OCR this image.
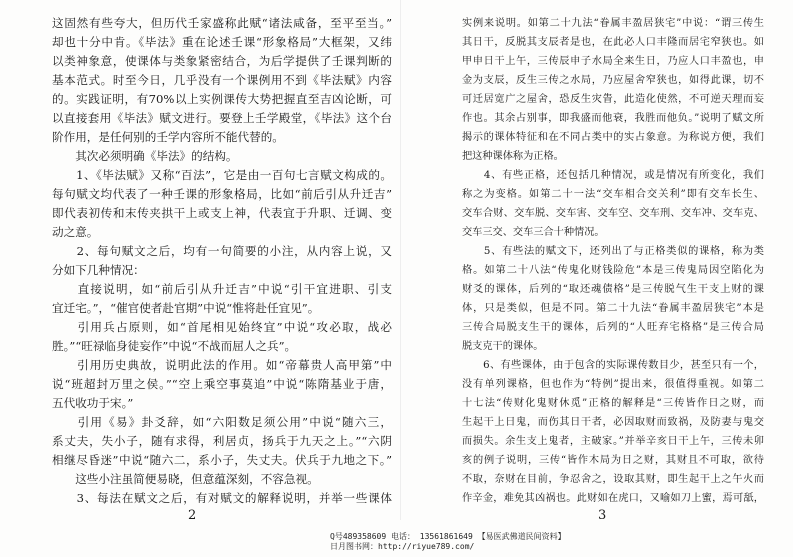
这固然有些夸大，但历代壬家盛称此赋“诸法咸备，至平至当。”
却也十分中肯。《毕法》重在论述壬课“形象格局”大框架，又纬
以类神象意，使课体与类象紧密结合，为后学提供了壬课判断的
基本范式。时至今日，几乎没有一个课例用不到《毕法赋》内容
的。实践证明，有70%以上实例课传大势把握直至吉凶论断，可
以直接套用《毕法》赋文进行。要登上壬学殿堂，《毕法》这个台
阶作用，是任何别的壬学内容所不能代替的。
　　其次必须明确《毕法》的结构。
　　1、《毕法赋》又称“百法”，它是由一百句七言赋文构成的。
每句赋文均代表了一种壬课的形象格局，比如“前后引从升迁吉”
即代表初传和末传夹拱干上或支上神，代表宜于升职、迁调、变
动之意。
　　2、每句赋文之后，均有一句简要的小注，从内容上说，又
分如下几种情况：
　　直接说明，如“前后引从升迁吉”中说“引干宜进职、引支
宜迁宅。”，“催官使者赴官期”中说“惟将赴任宜见”。
　　引用兵占原则，如“首尾相见始终宜”中说“攻必取，战必
胜。”“旺禄临身徒妄作”中说“不战而屈人之兵”。
　　引用历史典故，说明此法的作用。如“帝幕贵人高甲第”中
说“班超封万里之侯。”“空上乘空事莫追”中说“陈隋基业于唐，
五代收功于宋。”
　　引用《易》卦爻辞，如“六阳数足须公用”中说“随六三，
系丈夫，失小子，随有求得，利居贞，扬兵于九天之上。”“六阴
相继尽昏迷”中说“随六二，系小子，失丈夫。伏兵于九地之下。”
　　这些小注虽简便易晓，但意蕴深刻，不容急视。
　　3、每法在赋文之后，有对赋文的解释说明，并举一些课体
2
实例来说明。如第二十九法“眷属丰盈居狭宅”中说：“谓三传生
其日干，反脱其支辰者是也，在此必人口丰隆而居宅窄狭也。如
甲申日干上午，三传辰申子水局全来生日，乃应人口丰盈也，申
金为支辰，反生三传之水局，乃应屋舍窄狭也，如得此课，切不
可迁居宽广之屋舍，恐反生灾眚，此造化使然，不可逆天理而妄
作也。其余占别事，即我盛而他衰，我胜而他负。”说明了赋文所
揭示的课体特征和在不同占类中的实占象意。为称说方便，我们
把这种课体称为正格。
　　4、有些正格，还包括几种情况，或是情况有所变化，我们
称之为变格。如第二十一法“交车相合交关利”即有交车长生、
交车合财、交车脱、交车害、交车空、交车刑、交车冲、交车克、
交车三交、交车三合十种情况。
　　5、有些法的赋文下，还列出了与正格类似的课格，称为类
格。如第二十八法“传鬼化财钱险危”本是三传鬼局因空陷化为
财爻的课体，后列的“取还魂债格”是三传脱气生干支上财的课
体，只是类似，但是不同。第二十九法“眷属丰盈居狭宅”本是
三传合局脱支生干的课体，后列的“人旺弃宅格格”是三传合局
脱支克干的课体。
　　6、有些课体，由于包含的实际课传数目少，甚至只有一个，
没有单列课格，但也作为“特例”提出来，很值得重视。如第二
十七法“传财化鬼财休觅”正格的解释是“三传皆作日之财，而
生起干上日鬼，而伤其日干者，必因取财而致祸，及防妻与鬼交
而损失。余生支上鬼者，主破家。”并举辛亥日干上午，三传未卯
亥的例子说明，三传“皆作木局为日之财，其财且不可取，欲待
不取，奈财在目前，争忍舍之，设取其财，即生起干上之午火而
作辛金，难免其凶祸也。此财如在虎口，又喻如刀上蜜，焉可舐，
3
Q号489358609 电话： 13561861649 【易医武佛道民间资料】
日月图书网：http://riyue789.com/
